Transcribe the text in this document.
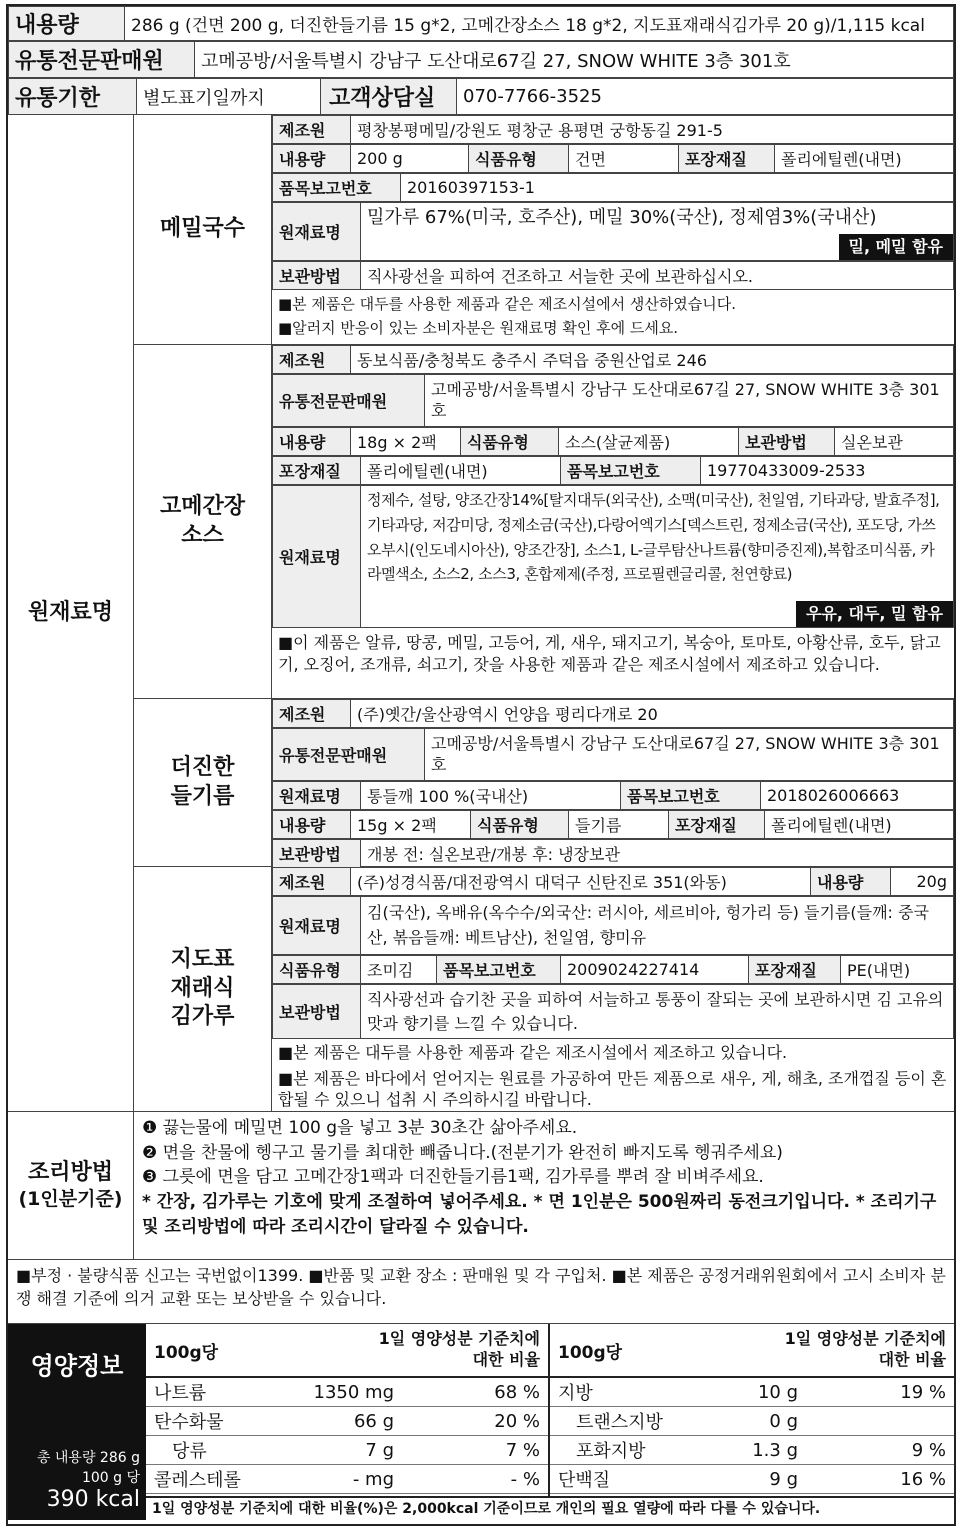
내용량	286 g (건면 200 g, 더진한들기름 15 g*2, 고메간장소스 18 g*2, 지도표재래식김가루 20 g)/1,115 kcal
유통전문판매원	고메공방/서울특별시 강남구 도산대로67길 27, SNOW WHITE 3층 301호
유통기한	별도표기일까지	고객상담실	070-7766-3525
원재료명
메밀국수
제조원	평창봉평메밀/강원도 평창군 용평면 궁항동길 291-5
내용량	200 g	식품유형	건면	포장재질	폴리에틸렌(내면)
품목보고번호	20160397153-1
원재료명	밀가루 67%(미국, 호주산), 메밀 30%(국산), 정제염3%(국내산)
밀, 메밀 함유
보관방법	직사광선을 피하여 건조하고 서늘한 곳에 보관하십시오.
■본 제품은 대두를 사용한 제품과 같은 제조시설에서 생산하였습니다.
■알러지 반응이 있는 소비자분은 원재료명 확인 후에 드세요.
고메간장 소스
제조원	동보식품/충청북도 충주시 주덕읍 중원산업로 246
유통전문판매원	고메공방/서울특별시 강남구 도산대로67길 27, SNOW WHITE 3층 301호
내용량	18g × 2팩	식품유형	소스(살균제품)	보관방법	실온보관
포장재질	폴리에틸렌(내면)	품목보고번호	19770433009-2533
원재료명	정제수, 설탕, 양조간장14%[탈지대두(외국산), 소맥(미국산), 천일염, 기타과당, 발효주정], 기타과당, 저감미당, 정제소금(국산),다랑어엑기스[덱스트린, 정제소금(국산), 포도당, 가쓰오부시(인도네시아산), 양조간장], 소스1, L-글루탐산나트륨(향미증진제),복합조미식품, 카라멜색소, 소스2, 소스3, 혼합제제(주정, 프로필렌글리콜, 천연향료)
우유, 대두, 밀 함유
■이 제품은 알류, 땅콩, 메밀, 고등어, 게, 새우, 돼지고기, 복숭아, 토마토, 아황산류, 호두, 닭고기, 오징어, 조개류, 쇠고기, 잣을 사용한 제품과 같은 제조시설에서 제조하고 있습니다.
더진한 들기름
제조원	(주)옛간/울산광역시 언양읍 평리다개로 20
유통전문판매원	고메공방/서울특별시 강남구 도산대로67길 27, SNOW WHITE 3층 301호
원재료명	통들깨 100 %(국내산)	품목보고번호	2018026006663
내용량	15g × 2팩	식품유형	들기름	포장재질	폴리에틸렌(내면)
보관방법	개봉 전: 실온보관/개봉 후: 냉장보관
지도표 재래식 김가루
제조원	(주)성경식품/대전광역시 대덕구 신탄진로 351(와동)	내용량	20g
원재료명	김(국산), 옥배유(옥수수/외국산: 러시아, 세르비아, 헝가리 등) 들기름(들깨: 중국산, 볶음들깨: 베트남산), 천일염, 향미유
식품유형	조미김	품목보고번호	2009024227414	포장재질	PE(내면)
보관방법	직사광선과 습기찬 곳을 피하여 서늘하고 통풍이 잘되는 곳에 보관하시면 김 고유의 맛과 향기를 느낄 수 있습니다.
■본 제품은 대두를 사용한 제품과 같은 제조시설에서 제조하고 있습니다.
■본 제품은 바다에서 얻어지는 원료를 가공하여 만든 제품으로 새우, 게, 해초, 조개껍질 등이 혼합될 수 있으니 섭취 시 주의하시길 바랍니다.
조리방법
(1인분기준)
❶ 끓는물에 메밀면 100 g을 넣고 3분 30초간 삶아주세요.
❷ 면을 찬물에 헹구고 물기를 최대한 빼줍니다.(전분기가 완전히 빠지도록 헹궈주세요)
❸ 그릇에 면을 담고 고메간장1팩과 더진한들기름1팩, 김가루를 뿌려 잘 비벼주세요.
* 간장, 김가루는 기호에 맞게 조절하여 넣어주세요. * 면 1인분은 500원짜리 동전크기입니다. * 조리기구 및 조리방법에 따라 조리시간이 달라질 수 있습니다.
■부정 · 불량식품 신고는 국번없이1399. ■반품 및 교환 장소 : 판매원 및 각 구입처. ■본 제품은 공정거래위원회에서 고시 소비자 분쟁 해결 기준에 의거 교환 또는 보상받을 수 있습니다.
영양정보
총 내용량 286 g
100 g 당
390 kcal
100g당
1일 영양성분 기준치에 대한 비율
나트륨	1350 mg	68 %
탄수화물	66 g	20 %
당류	7 g	7 %
콜레스테롤	- mg	- %
100g당
1일 영양성분 기준치에 대한 비율
지방	10 g	19 %
트랜스지방	0 g
포화지방	1.3 g	9 %
단백질	9 g	16 %
1일 영양성분 기준치에 대한 비율(%)은 2,000kcal 기준이므로 개인의 필요 열량에 따라 다를 수 있습니다.
